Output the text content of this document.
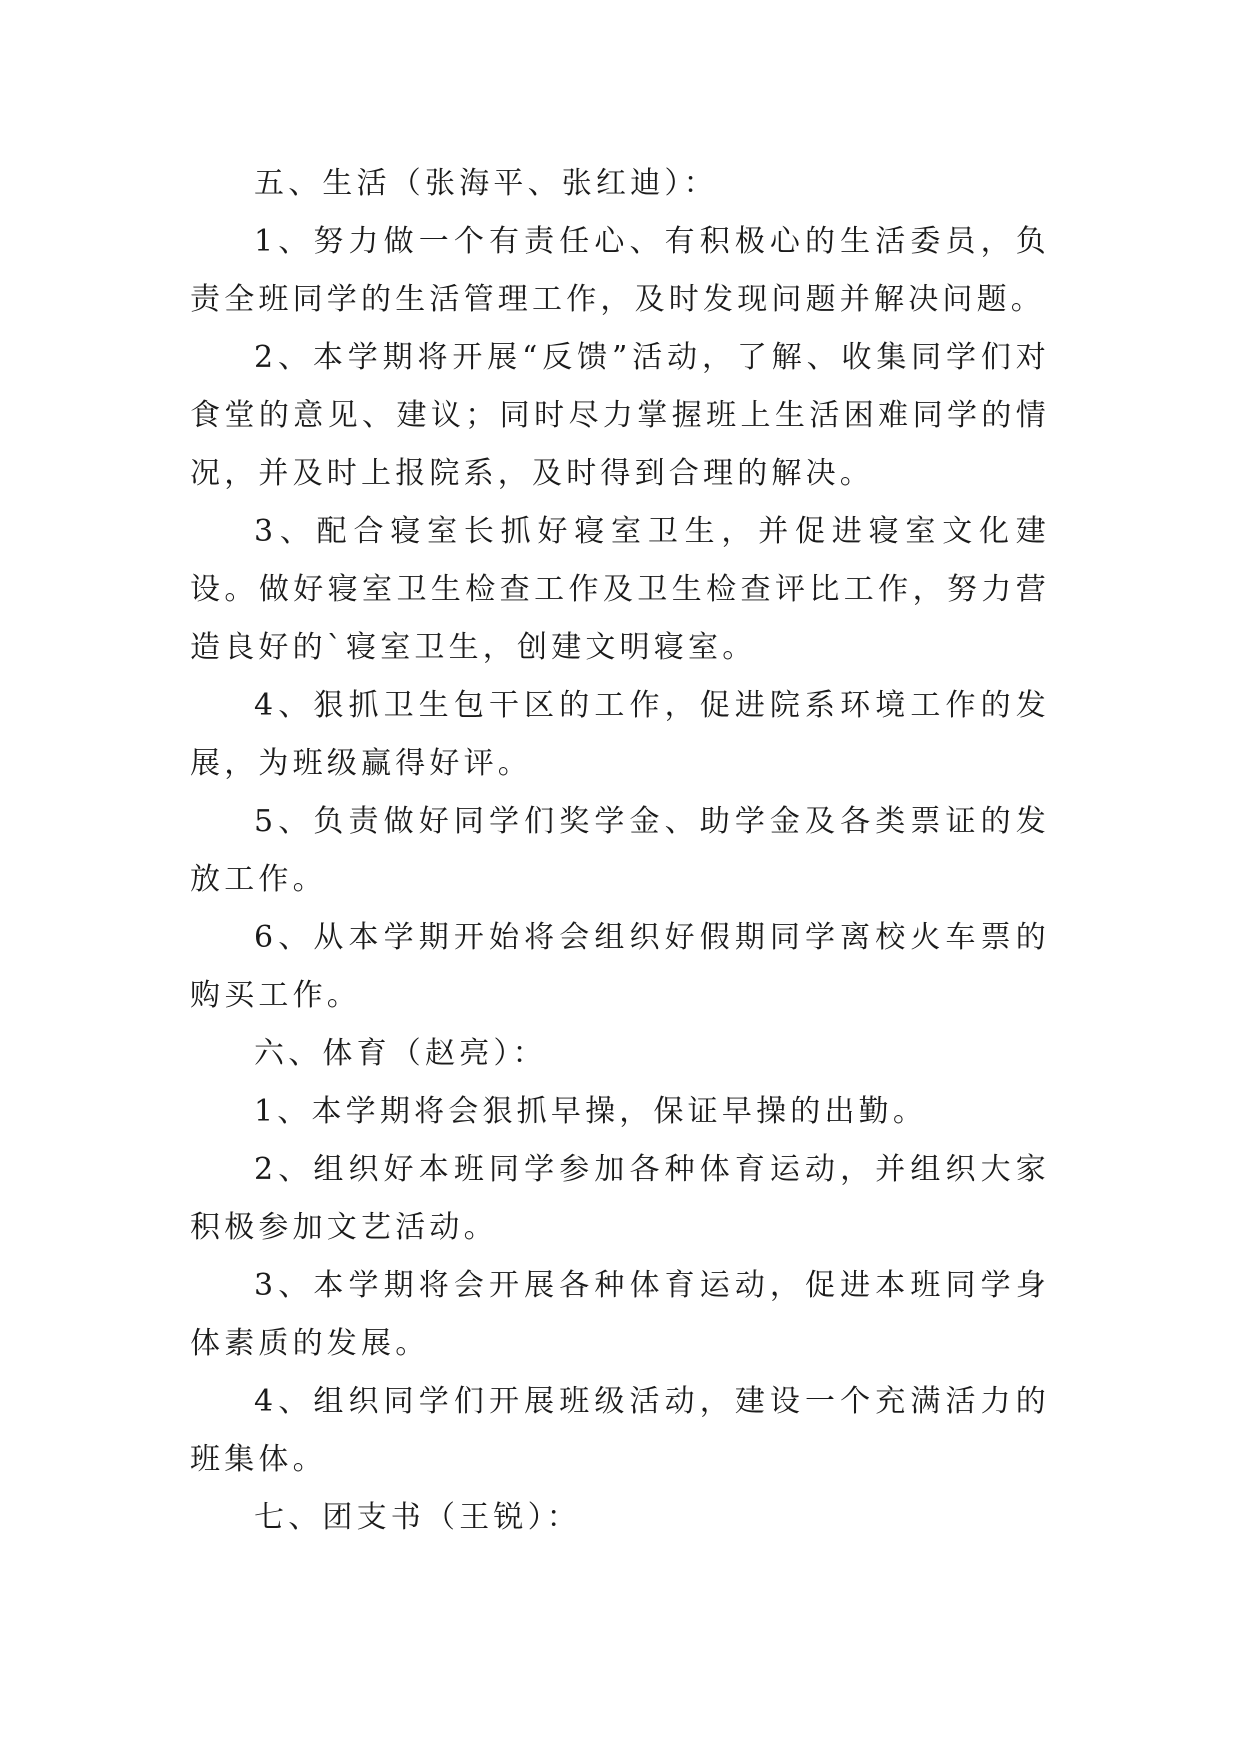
五、生活（张海平、张红迪）：

1、努力做一个有责任心、有积极心的生活委员，负责全班同学的生活管理工作，及时发现问题并解决问题。

2、本学期将开展“反馈”活动，了解、收集同学们对食堂的意见、建议；同时尽力掌握班上生活困难同学的情况，并及时上报院系，及时得到合理的解决。

3、配合寝室长抓好寝室卫生，并促进寝室文化建设。做好寝室卫生检查工作及卫生检查评比工作，努力营造良好的`寝室卫生，创建文明寝室。

4、狠抓卫生包干区的工作，促进院系环境工作的发展，为班级赢得好评。

5、负责做好同学们奖学金、助学金及各类票证的发放工作。

6、从本学期开始将会组织好假期同学离校火车票的购买工作。

六、体育（赵亮）：

1、本学期将会狠抓早操，保证早操的出勤。

2、组织好本班同学参加各种体育运动，并组织大家积极参加文艺活动。

3、本学期将会开展各种体育运动，促进本班同学身体素质的发展。

4、组织同学们开展班级活动，建设一个充满活力的班集体。

七、团支书（王锐）：
